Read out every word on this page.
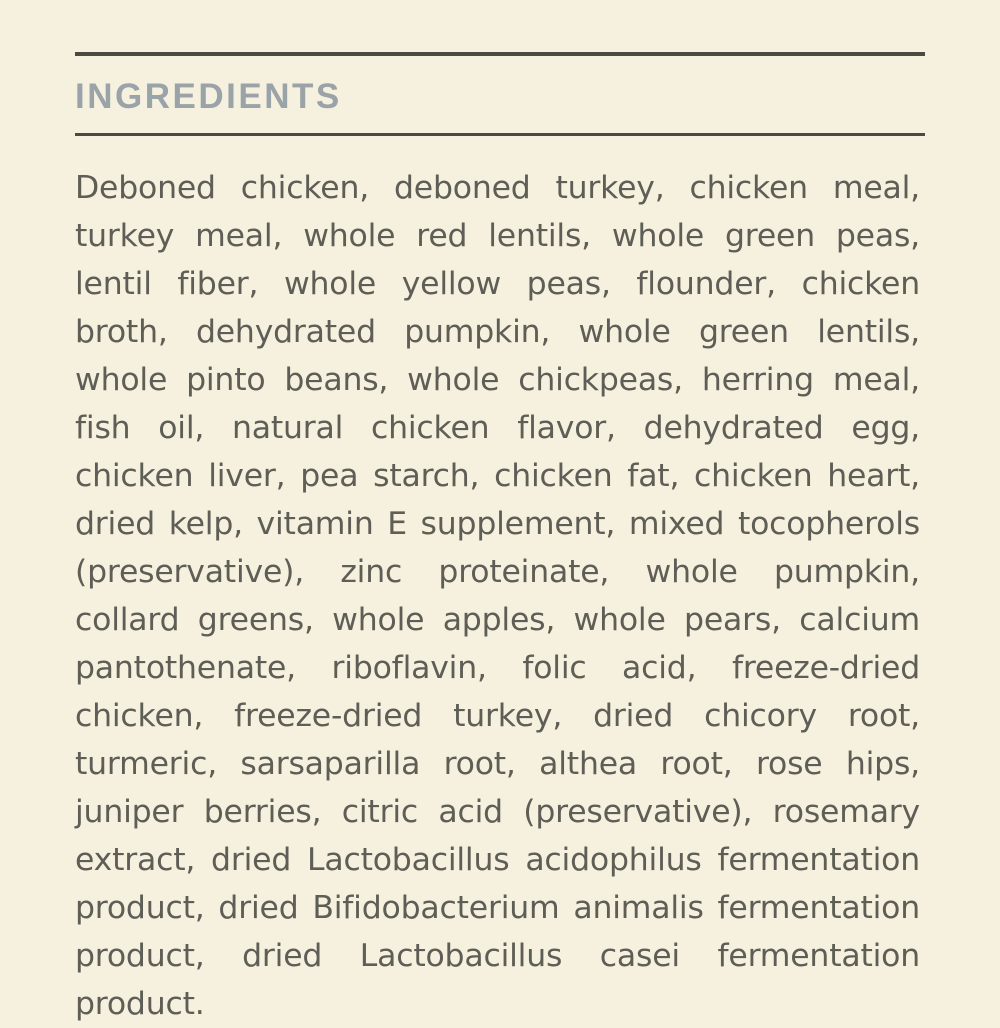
INGREDIENTS
Deboned chicken, deboned turkey, chicken meal, turkey meal, whole red lentils, whole green peas, lentil fiber, whole yellow peas, flounder, chicken broth, dehydrated pumpkin, whole green lentils, whole pinto beans, whole chickpeas, herring meal, fish oil, natural chicken flavor, dehydrated egg, chicken liver, pea starch, chicken fat, chicken heart, dried kelp, vitamin E supplement, mixed tocopherols (preservative), zinc proteinate, whole pumpkin, collard greens, whole apples, whole pears, calcium pantothenate, riboflavin, folic acid, freeze-dried chicken, freeze-dried turkey, dried chicory root, turmeric, sarsaparilla root, althea root, rose hips, juniper berries, citric acid (preservative), rosemary extract, dried Lactobacillus acidophilus fermentation product, dried Bifidobacterium animalis fermentation product, dried Lactobacillus casei fermentation product.
